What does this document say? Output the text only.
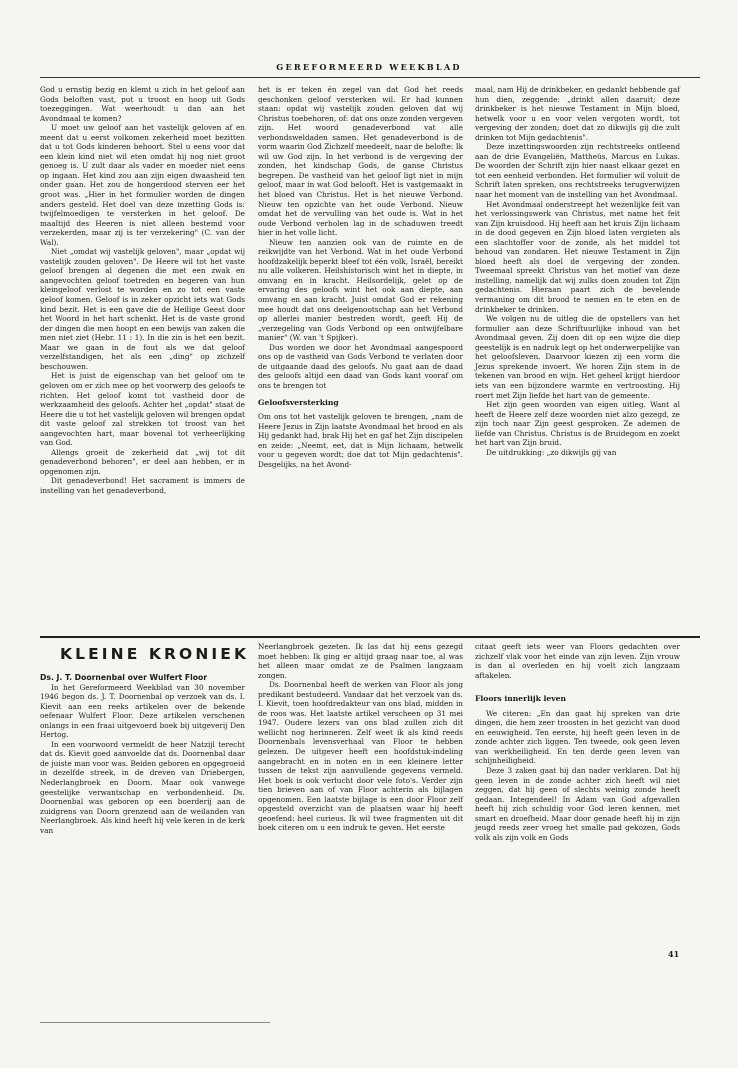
GEREFORMEERD WEEKBLAD

God u ernstig bezig en klemt u zich in het geloof aan Gods beloften vast, put u troost en hoop uit Gods toezeggingen. Wat weerhoudt u dan aan het Avondmaal te komen?

U moet uw geloof aan het vastelijk geloven af en meent dat u eerst volkomen zekerheid moet bezitten dat u tot Gods kinderen behoort. Stel u eens voor dat een klein kind niet wil eten omdat hij nog niet groot genoeg is. U zult daar als vader en moeder niet eens op ingaan. Het kind zou aan zijn eigen dwaasheid ten onder gaan. Het zou de hongerdood sterven eer het groot was. „Hier in het formulier worden de dingen anders gesteld. Het doel van deze inzetting Gods is: twijfelmoedigen te versterken in het geloof. De maaltijd des Heeren is niet alleen bestemd voor verzekerden, maar zij is ter verzekering" (C. van der Wal).

Niet „omdat wij vastelijk geloven", maar „opdat wij vastelijk zouden geloven". De Heere wil tot het vaste geloof brengen al degenen die met een zwak en aangevochten geloof toetreden en begeren van hun kleingeloof verlost te worden en zo tot een vaste geloof komen. Geloof is in zeker opzicht iets wat Gods kind bezit. Het is een gave die de Heilige Geest door het Woord in het hart schenkt. Het is de vaste grond der dingen die men hoopt en een bewijs van zaken die men niet ziet (Hebr. 11 : 1). In die zin is het een bezit. Maar we gaan in de fout als we dat geloof verzelfstandigen, het als een „ding" op zichzelf beschouwen.

Het is juist de eigenschap van het geloof om te geloven om er zich mee op het voorwerp des geloofs te richten. Het geloof komt tot vastheid door de werkzaamheid des geloofs. Achter het „opdat" staat de Heere die u tot het vastelijk geloven wil brengen opdat dit vaste geloof zal strekken tot troost van het aangevochten hart, maar bovenal tot verheerlijking van God.

Allengs groeit de zekerheid dat „wij tot dit genadeverbond behoren", er deel aan hebben, er in opgenomen zijn.

Dit genadeverbond! Het sacrament is immers de instelling van het genadeverbond,

het is er teken én zegel van dat God het reeds geschonken geloof versterken wil. Er had kunnen staan: opdat wij vastelijk zouden geloven dat wij Christus toebehoren, of: dat ons onze zonden vergeven zijn. Het woord genadeverbond vat alle verbondsweldaden samen. Het genadeverbond is de vorm waarin God Zichzelf meedeelt, naar de belofte: Ik wil uw God zijn. In het verbond is de vergeving der zonden, het kindschap Gods, de ganse Christus begrepen. De vastheid van het geloof ligt niet in mijn geloof, maar in wat God belooft. Het is vastgemaakt in het bloed van Christus. Het is het nieuwe Verbond. Nieuw ten opzichte van het oude Verbond. Nieuw omdat het de vervulling van het oude is. Wat in het oude Verbond verholen lag in de schaduwen treedt hier in het volle licht.

Nieuw ten aanzien ook van de ruimte en de reikwijdte van het Verbond. Wat in het oude Verbond hoofdzakelijk beperkt bleef tot één volk, Israël, bereikt nu alle volkeren. Heilshistorisch wint het in diepte, in omvang en in kracht. Heilsordelijk, gelet op de ervaring des geloofs wint het ook aan diepte, aan omvang en aan kracht. Juist omdat God er rekening mee houdt dat ons deelgenootschap aan het Verbond op allerlei manier bestreden wordt, geeft Hij de „verzegeling van Gods Verbond op een ontwijfelbare manier" (W. van 't Spijker).

Dus worden we door het Avondmaal aangespoord ons op de vastheid van Gods Verbond te verlaten door de uitgaande daad des geloofs. Nu gaat aan de daad des geloofs altijd een daad van Gods kant vooraf om ons te brengen tot

Geloofsversterking

Om ons tot het vastelijk geloven te brengen, „nam de Heere Jezus in Zijn laatste Avondmaal het brood en als Hij gedankt had, brak Hij het en gaf het Zijn discipelen en zeide: „Neemt, eet, dat is Mijn lichaam, hetwelk voor u gegeven wordt; doe dat tot Mijn gedachtenis". Desgelijks, na het Avond-

maal, nam Hij de drinkbeker, en gedankt hebbende gaf hun dien, zeggende: „drinkt allen daaruit; deze drinkbeker is het nieuwe Testament in Mijn bloed, hetwelk voor u en voor velen vergoten wordt, tot vergeving der zonden; doet dat zo dikwijls gij die zult drinken tot Mijn gedachtenis".

Deze inzettingswoorden zijn rechtstreeks ontleend aan de drie Evangeliën, Mattheüs, Marcus en Lukas. De woorden der Schrift zijn hier naast elkaar gezet en tot een eenheid verbonden. Het formulier wil voluit de Schrift laten spreken, ons rechtstreeks terugverwijzen naar het moment van de instelling van het Avondmaal.

Het Avondmaal onderstreept het wezenlijke feit van het verlossingswerk van Christus, met name het feit van Zijn kruisdood. Hij heeft aan het kruis Zijn lichaam in de dood gegeven en Zijn bloed laten vergieten als een slachtoffer voor de zonde, als het middel tot behoud van zondaren. Het nieuwe Testament in Zijn bloed heeft als doel de vergeving der zonden. Tweemaal spreekt Christus van het motief van deze instelling, namelijk dat wij zulks doen zouden tot Zijn gedachtenis. Hieraan paart zich de bevelende vermaning om dit brood te nemen en te eten en de drinkbeker te drinken.

We volgen nu de uitleg die de opstellers van het formulier aan deze Schriftuurlijke inhoud van het Avondmaal geven. Zij doen dit op een wijze die diep geestelijk is en nadruk legt op het onderwerpelijke van het geloofsleven. Daarvoor kiezen zij een vorm die Jezus sprekende invoert. We horen Zijn stem in de tekenen van brood en wijn. Het geheel krijgt hierdoor iets van een bijzondere warmte en vertroosting. Hij roert met Zijn liefde het hart van de gemeente.

Het zijn geen woorden van eigen uitleg. Want al heeft de Heere zelf deze woorden niet alzo gezegd, ze zijn toch naar Zijn geest gesproken. Ze ademen de liefde van Christus. Christus is de Bruidegom en zoekt het hart van Zijn bruid.

De uitdrukking: „zo dikwijls gij van

KLEINE KRONIEK

Ds. J. T. Doornenbal over Wulfert Floor

In het Gereformeerd Weekblad van 30 november 1946 begon ds. J. T. Doornenbal op verzoek van ds. I. Kievit aan een reeks artikelen over de bekende oefenaar Wulfert Floor. Deze artikelen verschenen onlangs in een fraai uitgevoerd boek bij uitgeverij Den Hertog.

In een voorwoord vermeldt de heer Natzijl terecht dat ds. Kievit goed aanvoelde dat ds. Doornenbal daar de juiste man voor was. Beiden geboren en opgegroeid in dezelfde streek, in de dreven van Driebergen, Nederlangbroek en Doorn. Maar ook vanwege geestelijke verwantschap en verbondenheid. Ds. Doornenbal was geboren op een boerderij aan de zuidgrens van Doorn grenzend aan de weilanden van Neerlangbroek. Als kind heeft hij vele keren in de kerk van

Neerlangbroek gezeten. Ik las dat hij eens gezegd moet hebben: Ik ging er altijd graag naar toe, al was het alleen maar omdat ze de Psalmen langzaam zongen.

Ds. Doornenbal heeft de werken van Floor als jong predikant bestudeerd. Vandaar dat het verzoek van ds. I. Kievit, toen hoofdredakteur van ons blad, midden in de roos was. Het laatste artikel verscheen op 31 mei 1947. Oudere lezers van ons blad zullen zich dit wellicht nog herinneren. Zelf weet ik als kind reeds Doornenbals levensverhaal van Floor te hebben gelezen. De uitgever heeft een hoofdstuk-indeling aangebracht en in noten en in een kleinere letter tussen de tekst zijn aanvullende gegevens vermeld. Het boek is ook verlucht door vele foto's. Verder zijn tien brieven aan of van Floor achterin als bijlagen opgenomen. Een laatste bijlage is een door Floor zelf opgesteld overzicht van de plaatsen waar hij heeft geoefend: heel curieus. Ik wil twee fragmenten uit dit boek citeren om u een indruk te geven. Het eerste

citaat geeft iets weer van Floors gedachten over zichzelf vlak voor het einde van zijn leven. Zijn vrouw is dan al overleden en hij voelt zich langzaam aftakelen.

Floors innerlijk leven

We citeren: „En dan gaat hij spreken van drie dingen, die hem zeer troosten in het gezicht van dood en eeuwigheid. Ten eerste, hij heeft geen leven in de zonde achter zich liggen. Ten tweede, ook geen leven van werkheiligheid. En ten derde geen leven van schijnheiligheid.

Deze 3 zaken gaat hij dan nader verklaren. Dat hij geen leven in de zonde achter zich heeft wil niet zeggen, dat hij geen of slechts weinig zonde heeft gedaan. Integendeel! In Adam van God afgevallen heeft hij zich schuldig voor God leren kennen, met smart en droefheid. Maar door genade heeft hij in zijn jeugd reeds zeer vroeg het smalle pad gekozen, Gods volk als zijn volk en Gods

41
